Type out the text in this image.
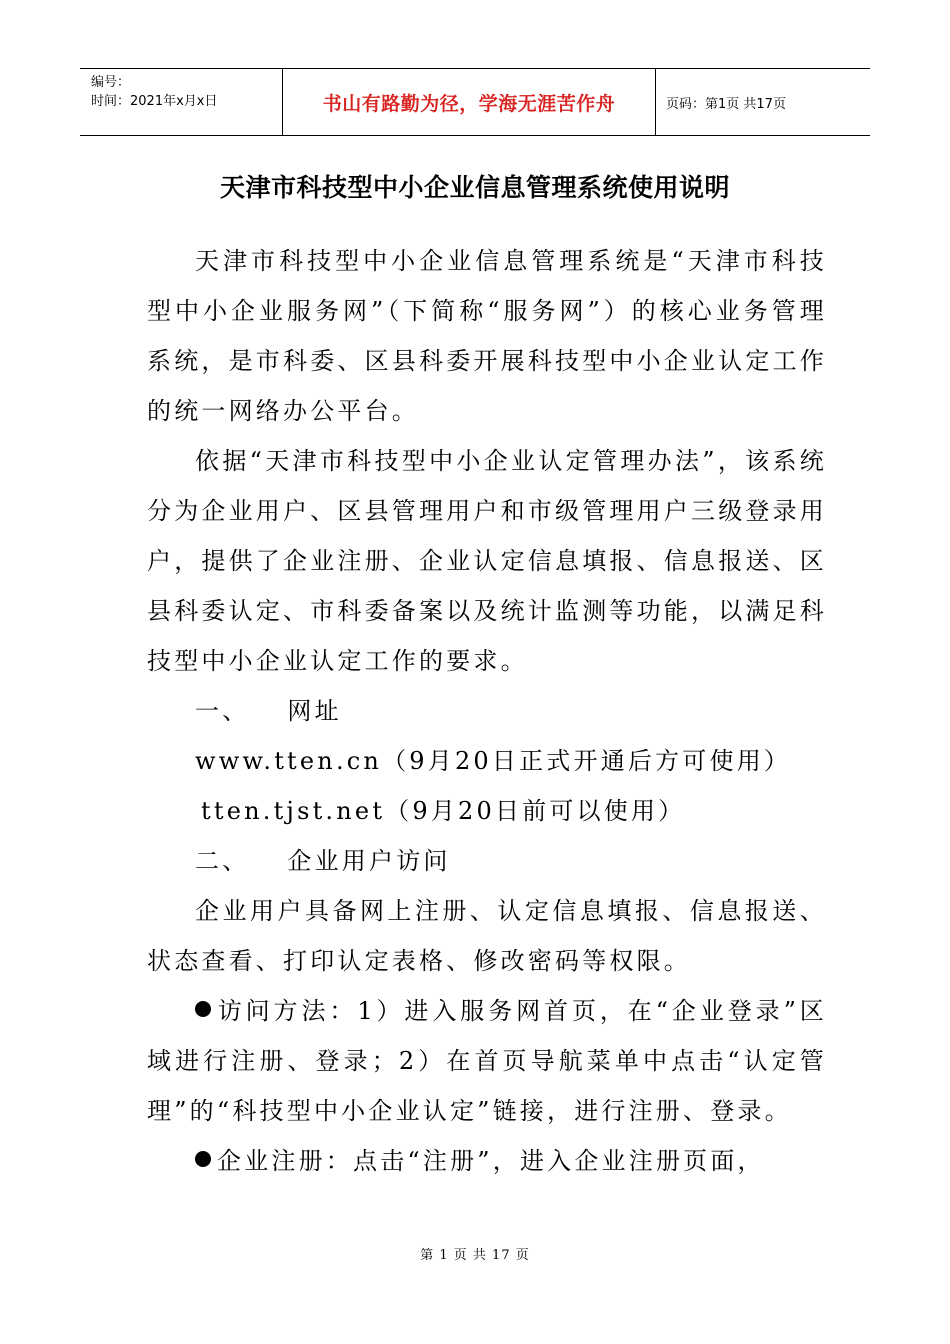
编号：
时间：2021年x月x日	书山有路勤为径，学海无涯苦作舟	页码：第1页 共17页
天津市科技型中小企业信息管理系统使用说明

天津市科技型中小企业信息管理系统是“天津市科技型中小企业服务网”（下简称“服务网”）的核心业务管理系统，是市科委、区县科委开展科技型中小企业认定工作的统一网络办公平台。

依据“天津市科技型中小企业认定管理办法”，该系统分为企业用户、区县管理用户和市级管理用户三级登录用户，提供了企业注册、企业认定信息填报、信息报送、区县科委认定、市科委备案以及统计监测等功能，以满足科技型中小企业认定工作的要求。

一、 网址
www.tten.cn（9月20日正式开通后方可使用）
tten.tjst.net（9月20日前可以使用）
二、 企业用户访问

企业用户具备网上注册、认定信息填报、信息报送、状态查看、打印认定表格、修改密码等权限。

访问方法：1）进入服务网首页，在“企业登录”区域进行注册、登录；2）在首页导航菜单中点击“认定管理”的“科技型中小企业认定”链接，进行注册、登录。

企业注册：点击“注册”，进入企业注册页面，

第 1 页 共 17 页
